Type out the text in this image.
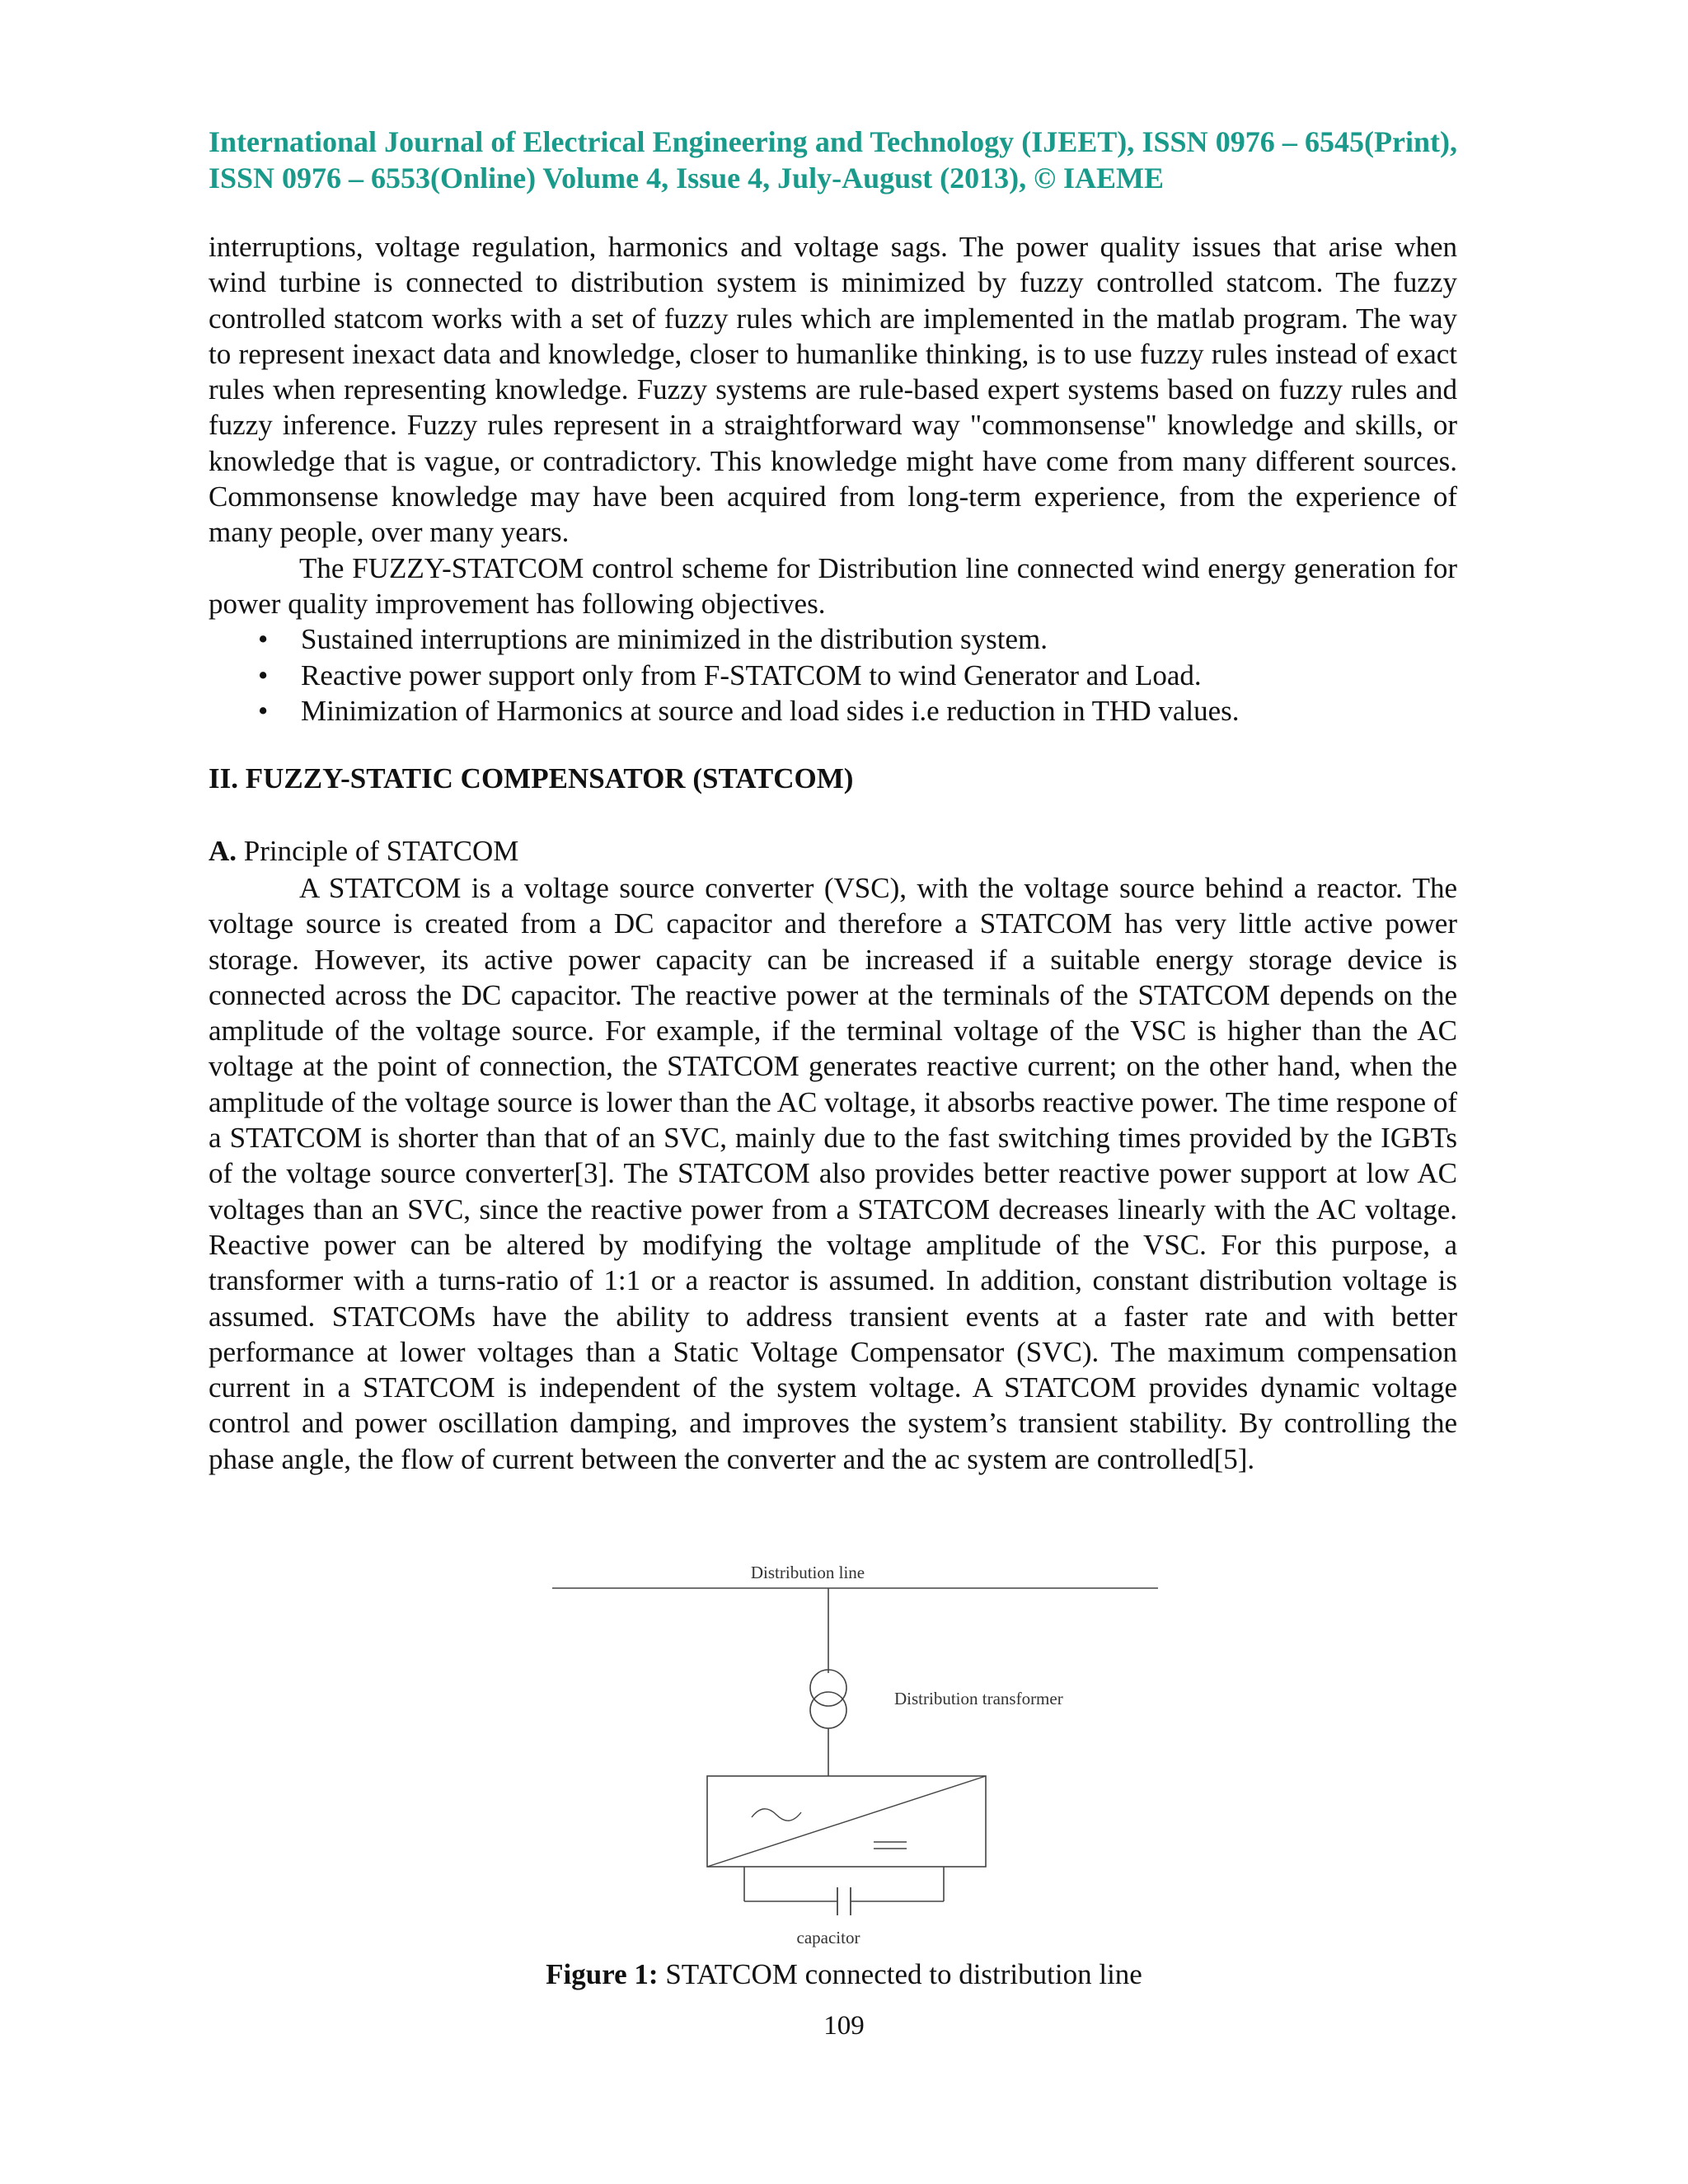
International Journal of Electrical Engineering and Technology (IJEET), ISSN 0976 – 6545(Print), ISSN 0976 – 6553(Online) Volume 4, Issue 4, July-August (2013), © IAEME

interruptions, voltage regulation, harmonics and voltage sags. The power quality issues that arise when wind turbine is connected to distribution system is minimized by fuzzy controlled statcom. The fuzzy controlled statcom works with a set of fuzzy rules which are implemented in the matlab program. The way to represent inexact data and knowledge, closer to humanlike thinking, is to use fuzzy rules instead of exact rules when representing knowledge. Fuzzy systems are rule-based expert systems based on fuzzy rules and fuzzy inference. Fuzzy rules represent in a straightforward way "commonsense" knowledge and skills, or knowledge that is vague, or contradictory. This knowledge might have come from many different sources. Commonsense knowledge may have been acquired from long-term experience, from the experience of many people, over many years.

The FUZZY-STATCOM control scheme for Distribution line connected wind energy generation for power quality improvement has following objectives.

• Sustained interruptions are minimized in the distribution system.
• Reactive power support only from F-STATCOM to wind Generator and Load.
• Minimization of Harmonics at source and load sides i.e reduction in THD values.
II. FUZZY-STATIC COMPENSATOR (STATCOM)
A. Principle of STATCOM

A STATCOM is a voltage source converter (VSC), with the voltage source behind a reactor. The voltage source is created from a DC capacitor and therefore a STATCOM has very little active power storage. However, its active power capacity can be increased if a suitable energy storage device is connected across the DC capacitor. The reactive power at the terminals of the STATCOM depends on the amplitude of the voltage source. For example, if the terminal voltage of the VSC is higher than the AC voltage at the point of connection, the STATCOM generates reactive current; on the other hand, when the amplitude of the voltage source is lower than the AC voltage, it absorbs reactive power. The time respone of a STATCOM is shorter than that of an SVC, mainly due to the fast switching times provided by the IGBTs of the voltage source converter[3]. The STATCOM also provides better reactive power support at low AC voltages than an SVC, since the reactive power from a STATCOM decreases linearly with the AC voltage. Reactive power can be altered by modifying the voltage amplitude of the VSC. For this purpose, a transformer with a turns-ratio of 1:1 or a reactor is assumed. In addition, constant distribution voltage is assumed. STATCOMs have the ability to address transient events at a faster rate and with better performance at lower voltages than a Static Voltage Compensator (SVC). The maximum compensation current in a STATCOM is independent of the system voltage. A STATCOM provides dynamic voltage control and power oscillation damping, and improves the system’s transient stability. By controlling the phase angle, the flow of current between the converter and the ac system are controlled[5].

Distribution line
Distribution transformer
capacitor
Figure 1: STATCOM connected to distribution line
109
